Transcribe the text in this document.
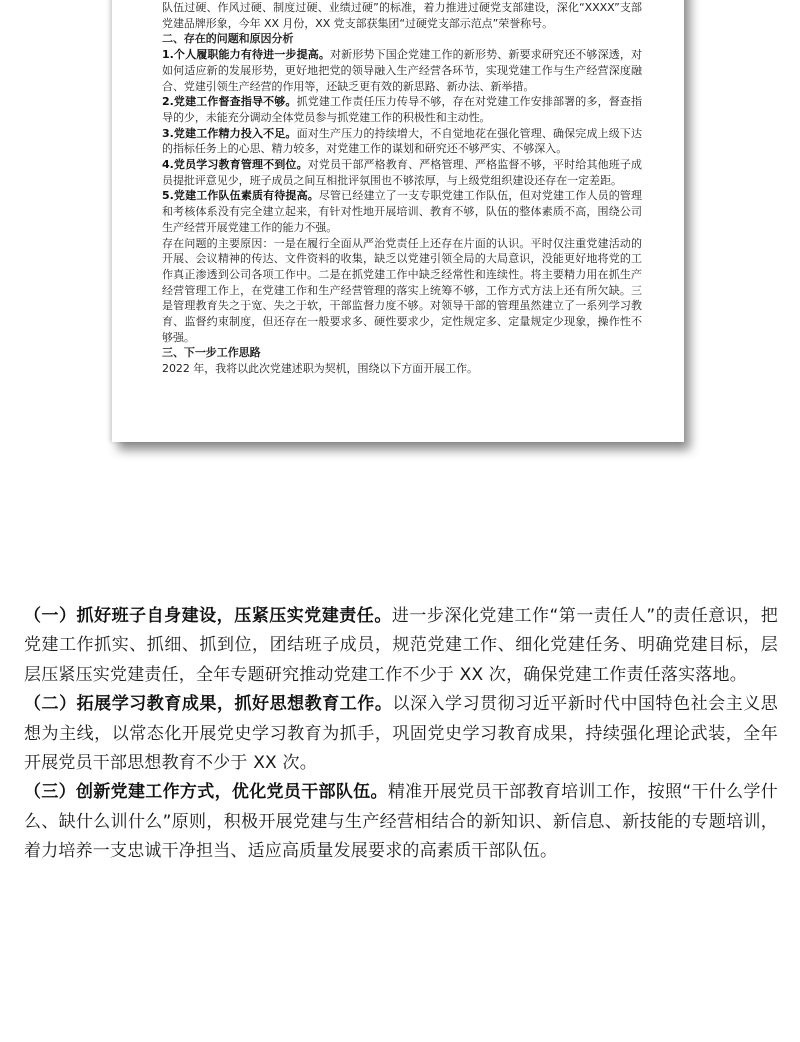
队伍过硬、作风过硬、制度过硬、业绩过硬”的标准，着力推进过硬党支部建设，深化“XXXX”支部党建品牌形象，今年 XX 月份，XX 党支部获集团“过硬党支部示范点”荣誉称号。

二、存在的问题和原因分析

1.个人履职能力有待进一步提高。对新形势下国企党建工作的新形势、新要求研究还不够深透，对如何适应新的发展形势，更好地把党的领导融入生产经营各环节，实现党建工作与生产经营深度融合、党建引领生产经营的作用等，还缺乏更有效的新思路、新办法、新举措。

2.党建工作督查指导不够。抓党建工作责任压力传导不够，存在对党建工作安排部署的多，督查指导的少，未能充分调动全体党员参与抓党建工作的积极性和主动性。

3.党建工作精力投入不足。面对生产压力的持续增大，不自觉地花在强化管理、确保完成上级下达的指标任务上的心思、精力较多，对党建工作的谋划和研究还不够严实、不够深入。

4.党员学习教育管理不到位。对党员干部严格教育、严格管理、严格监督不够，平时给其他班子成员提批评意见少，班子成员之间互相批评氛围也不够浓厚，与上级党组织建设还存在一定差距。

5.党建工作队伍素质有待提高。尽管已经建立了一支专职党建工作队伍，但对党建工作人员的管理和考核体系没有完全建立起来，有针对性地开展培训、教育不够，队伍的整体素质不高，围绕公司生产经营开展党建工作的能力不强。

存在问题的主要原因：一是在履行全面从严治党责任上还存在片面的认识。平时仅注重党建活动的开展、会议精神的传达、文件资料的收集，缺乏以党建引领全局的大局意识，没能更好地将党的工作真正渗透到公司各项工作中。二是在抓党建工作中缺乏经常性和连续性。将主要精力用在抓生产经营管理工作上，在党建工作和生产经营管理的落实上统筹不够，工作方式方法上还有所欠缺。三是管理教育失之于宽、失之于软，干部监督力度不够。对领导干部的管理虽然建立了一系列学习教育、监督约束制度，但还存在一般要求多、硬性要求少，定性规定多、定量规定少现象，操作性不够强。

三、下一步工作思路

2022 年，我将以此次党建述职为契机，围绕以下方面开展工作。

（一）抓好班子自身建设，压紧压实党建责任。进一步深化党建工作“第一责任人”的责任意识，把党建工作抓实、抓细、抓到位，团结班子成员，规范党建工作、细化党建任务、明确党建目标，层层压紧压实党建责任，全年专题研究推动党建工作不少于 XX 次，确保党建工作责任落实落地。

（二）拓展学习教育成果，抓好思想教育工作。以深入学习贯彻习近平新时代中国特色社会主义思想为主线，以常态化开展党史学习教育为抓手，巩固党史学习教育成果，持续强化理论武装，全年开展党员干部思想教育不少于 XX 次。

（三）创新党建工作方式，优化党员干部队伍。精准开展党员干部教育培训工作，按照“干什么学什么、缺什么训什么”原则，积极开展党建与生产经营相结合的新知识、新信息、新技能的专题培训，着力培养一支忠诚干净担当、适应高质量发展要求的高素质干部队伍。
